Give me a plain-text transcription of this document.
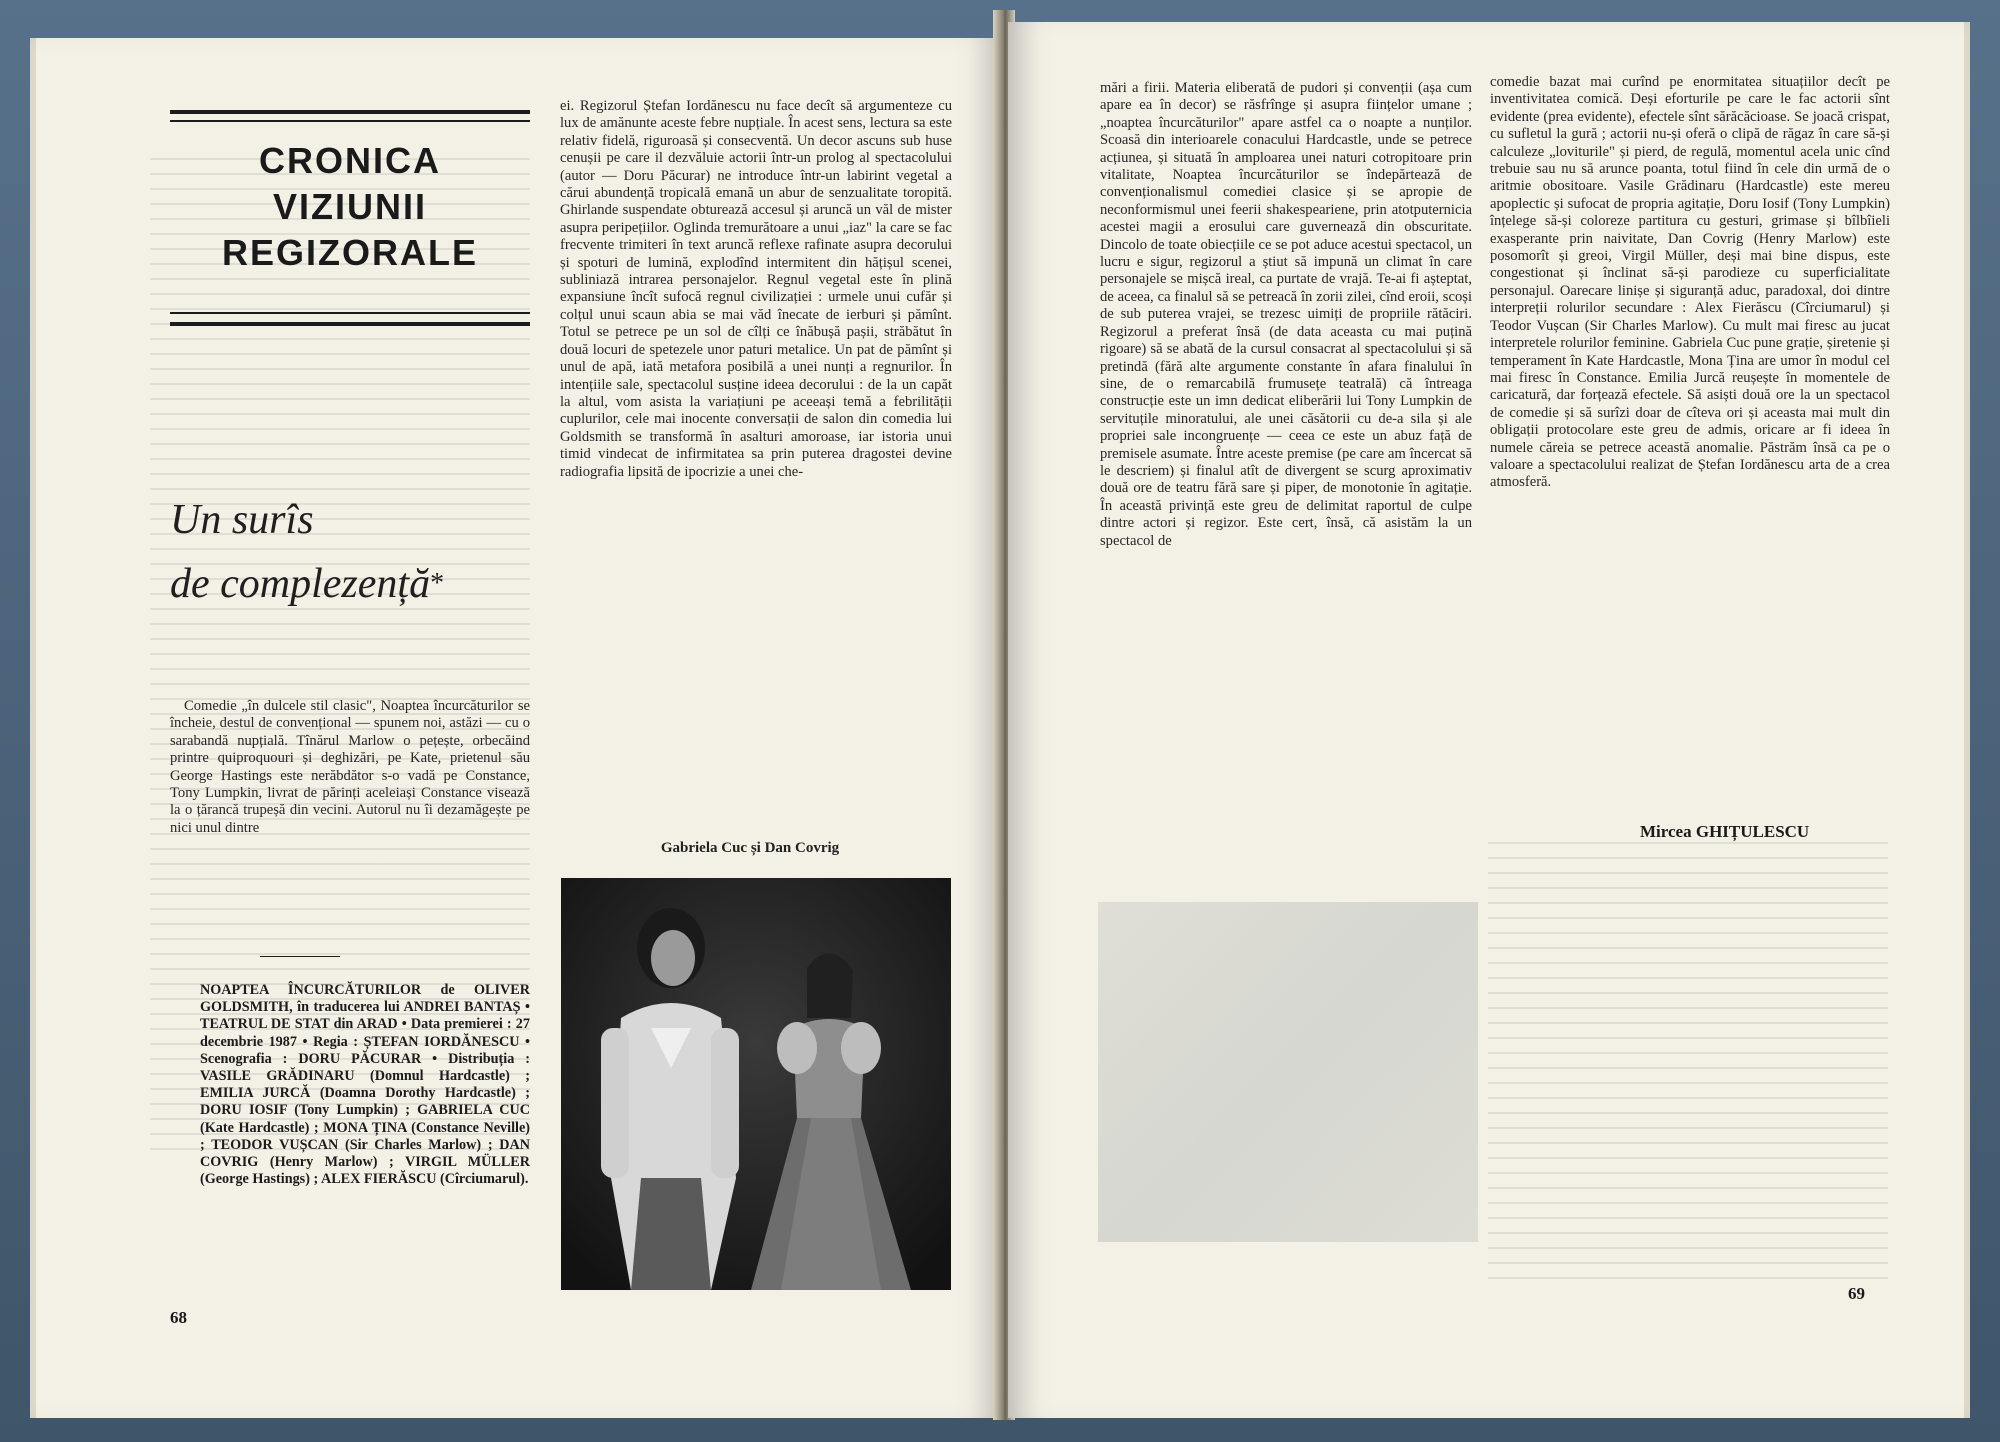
CRONICA
VIZIUNII
REGIZORALE
Un surîs
de complezență*

Comedie „în dulcele stil clasic", Noaptea încurcăturilor se încheie, destul de convențional — spunem noi, astăzi — cu o sarabandă nupțială. Tînărul Marlow o pețește, orbecăind printre quiproquouri și deghizări, pe Kate, prietenul său George Hastings este nerăbdător s-o vadă pe Constance, Tony Lumpkin, livrat de părinți aceleiași Constance visează la o țărancă trupeșă din vecini. Autorul nu îi dezamăgește pe nici unul dintre

NOAPTEA ÎNCURCĂTURILOR de OLIVER GOLDSMITH, în traducerea lui ANDREI BANTAȘ • TEATRUL DE STAT din ARAD • Data premierei : 27 decembrie 1987 • Regia : ȘTEFAN IORDĂNESCU • Scenografia : DORU PĂCURAR • Distribuția : VASILE GRĂDINARU (Domnul Hardcastle) ; EMILIA JURCĂ (Doamna Dorothy Hardcastle) ; DORU IOSIF (Tony Lumpkin) ; GABRIELA CUC (Kate Hardcastle) ; MONA ȚINA (Constance Neville) ; TEODOR VUȘCAN (Sir Charles Marlow) ; DAN COVRIG (Henry Marlow) ; VIRGIL MÜLLER (George Hastings) ; ALEX FIERĂSCU (Cîrciumarul).

ei. Regizorul Ștefan Iordănescu nu face decît să argumenteze cu lux de amănunte aceste febre nupțiale. În acest sens, lectura sa este relativ fidelă, riguroasă și consecventă. Un decor ascuns sub huse cenușii pe care il dezvăluie actorii într-un prolog al spectacolului (autor — Doru Păcurar) ne introduce într-un labirint vegetal a cărui abundență tropicală emană un abur de senzualitate toropită. Ghirlande suspendate obturează accesul și aruncă un văl de mister asupra peripețiilor. Oglinda tremurătoare a unui „iaz" la care se fac frecvente trimiteri în text aruncă reflexe rafinate asupra decorului și spoturi de lumină, explodînd intermitent din hățișul scenei, subliniază intrarea personajelor. Regnul vegetal este în plină expansiune încît sufocă regnul civilizației : urmele unui cufăr și colțul unui scaun abia se mai văd înecate de ierburi și pămînt. Totul se petrece pe un sol de cîlți ce înăbușă pașii, străbătut în două locuri de spetezele unor paturi metalice. Un pat de pămînt și unul de apă, iată metafora posibilă a unei nunți a regnurilor. În intențiile sale, spectacolul susține ideea decorului : de la un capăt la altul, vom asista la variațiuni pe aceeași temă a febrilității cuplurilor, cele mai inocente conversații de salon din comedia lui Goldsmith se transformă în asalturi amoroase, iar istoria unui timid vindecat de infirmitatea sa prin puterea dragostei devine radiografia lipsită de ipocrizie a unei che-

Gabriela Cuc și Dan Covrig
68

mări a firii. Materia eliberată de pudori și convenții (așa cum apare ea în decor) se răsfrînge și asupra ființelor umane ; „noaptea încurcăturilor" apare astfel ca o noapte a nunților. Scoasă din interioarele conacului Hardcastle, unde se petrece acțiunea, și situată în amploarea unei naturi cotropitoare prin vitalitate, Noaptea încurcăturilor se îndepărtează de convenționalismul comediei clasice și se apropie de neconformismul unei feerii shakespeariene, prin atotputernicia acestei magii a erosului care guvernează din obscuritate. Dincolo de toate obiecțiile ce se pot aduce acestui spectacol, un lucru e sigur, regizorul a știut să impună un climat în care personajele se mișcă ireal, ca purtate de vrajă. Te-ai fi așteptat, de aceea, ca finalul să se petreacă în zorii zilei, cînd eroii, scoși de sub puterea vrajei, se trezesc uimiți de propriile rătăciri. Regizorul a preferat însă (de data aceasta cu mai puțină rigoare) să se abată de la cursul consacrat al spectacolului și să pretindă (fără alte argumente constante în afara finalului în sine, de o remarcabilă frumusețe teatrală) că întreaga construcție este un imn dedicat eliberării lui Tony Lumpkin de servituțile minoratului, ale unei căsătorii cu de-a sila și ale propriei sale incongruențe — ceea ce este un abuz față de premisele asumate. Între aceste premise (pe care am încercat să le descriem) și finalul atît de divergent se scurg aproximativ două ore de teatru fără sare și piper, de monotonie în agitație. În această privință este greu de delimitat raportul de culpe dintre actori și regizor. Este cert, însă, că asistăm la un spectacol de

comedie bazat mai curînd pe enormitatea situațiilor decît pe inventivitatea comică. Deși eforturile pe care le fac actorii sînt evidente (prea evidente), efectele sînt sărăcăcioase. Se joacă crispat, cu sufletul la gură ; actorii nu-și oferă o clipă de răgaz în care să-și calculeze „loviturile" și pierd, de regulă, momentul acela unic cînd trebuie sau nu să arunce poanta, totul fiind în cele din urmă de o aritmie obositoare. Vasile Grădinaru (Hardcastle) este mereu apoplectic și sufocat de propria agitație, Doru Iosif (Tony Lumpkin) înțelege să-și coloreze partitura cu gesturi, grimase și bîlbîieli exasperante prin naivitate, Dan Covrig (Henry Marlow) este posomorît și greoi, Virgil Müller, deși mai bine dispus, este congestionat și înclinat să-și parodieze cu superficialitate personajul. Oarecare linișe și siguranță aduc, paradoxal, doi dintre interpreții rolurilor secundare : Alex Fierăscu (Cîrciumarul) și Teodor Vușcan (Sir Charles Marlow). Cu mult mai firesc au jucat interpretele rolurilor feminine. Gabriela Cuc pune grație, șiretenie și temperament în Kate Hardcastle, Mona Țina are umor în modul cel mai firesc în Constance. Emilia Jurcă reușește în momentele de caricatură, dar forțează efectele. Să asiști două ore la un spectacol de comedie și să surîzi doar de cîteva ori și aceasta mai mult din obligații protocolare este greu de admis, oricare ar fi ideea în numele căreia se petrece această anomalie. Păstrăm însă ca pe o valoare a spectacolului realizat de Ștefan Iordănescu arta de a crea atmosferă.

Mircea GHIȚULESCU
69
